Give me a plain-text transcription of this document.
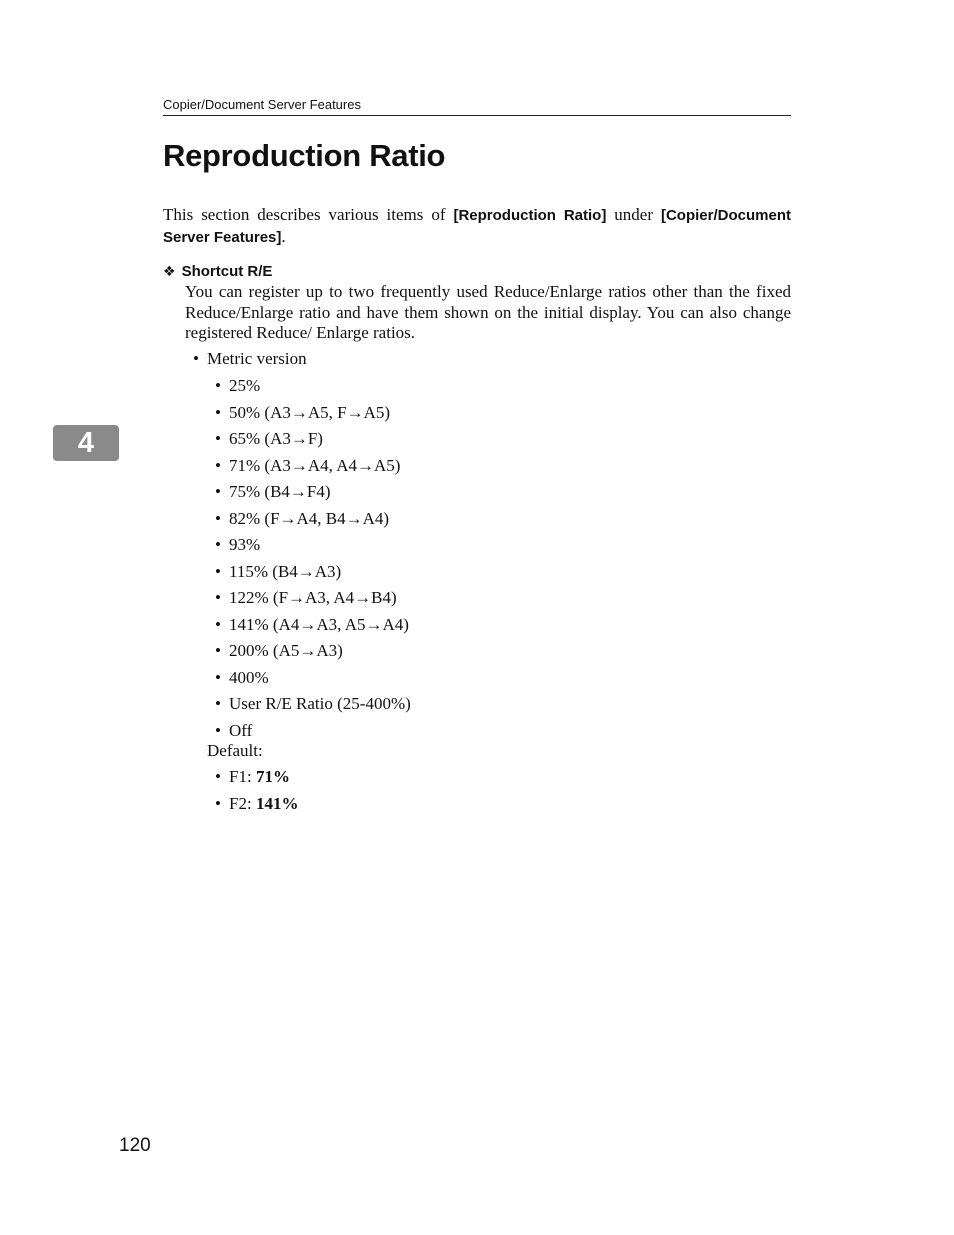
Copier/Document Server Features
Reproduction Ratio

This section describes various items of [Reproduction Ratio] under [Copier/Document Server Features].

❖ Shortcut R/E

You can register up to two frequently used Reduce/Enlarge ratios other than the fixed Reduce/Enlarge ratio and have them shown on the initial display. You can also change registered Reduce/ Enlarge ratios.

• Metric version
• 25%
• 50% (A3→A5, F→A5)
• 65% (A3→F)
• 71% (A3→A4, A4→A5)
• 75% (B4→F4)
• 82% (F→A4, B4→A4)
• 93%
• 115% (B4→A3)
• 122% (F→A3, A4→B4)
• 141% (A4→A3, A5→A4)
• 200% (A5→A3)
• 400%
• User R/E Ratio (25-400%)
• Off
Default:
• F1: 71%
• F2: 141%
4
120
